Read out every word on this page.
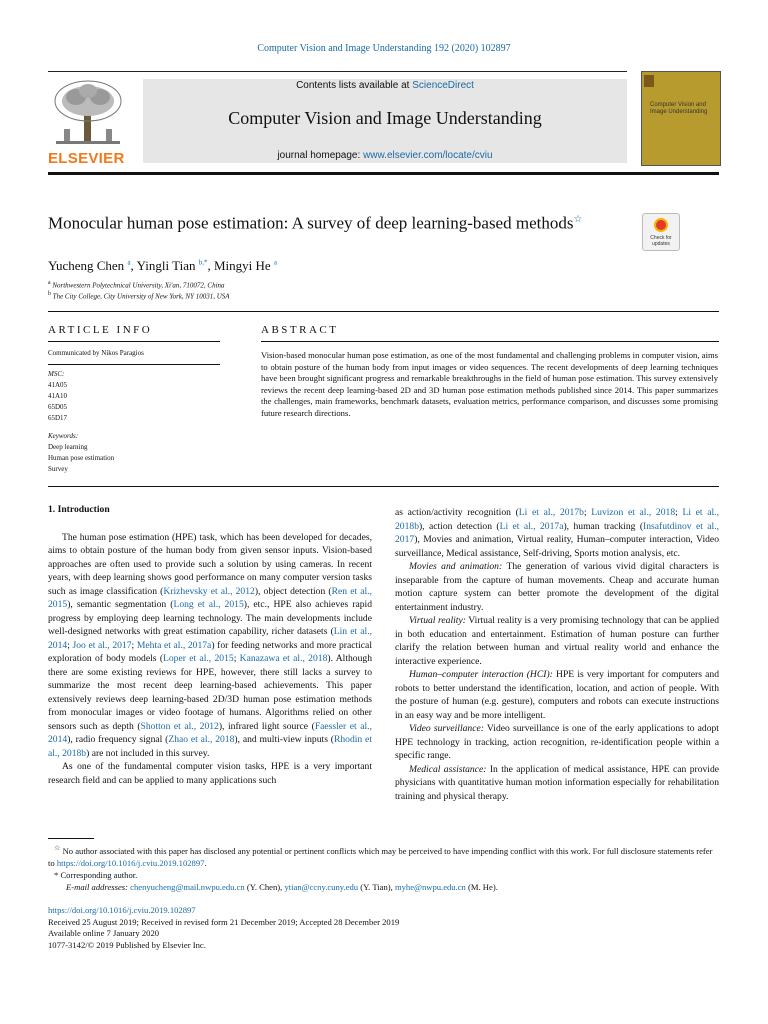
Computer Vision and Image Understanding 192 (2020) 102897
ELSEVIER
Contents lists available at ScienceDirect
Computer Vision and Image Understanding
journal homepage: www.elsevier.com/locate/cviu
Computer Vision and Image Understanding
Monocular human pose estimation: A survey of deep learning-based methods☆
Check for updates
Yucheng Chen $^a$, Yingli Tian $^{b,*}$, Mingyi He $^a$
$^a$ Northwestern Polytechnical University, Xi'an, 710072, China
$^b$ The City College, City University of New York, NY 10031, USA
ARTICLE INFO
Communicated by Nikos Paragios
MSC:
41A05
41A10
65D05
65D17
Keywords:
Deep learning
Human pose estimation
Survey
ABSTRACT
Vision-based monocular human pose estimation, as one of the most fundamental and challenging problems in computer vision, aims to obtain posture of the human body from input images or video sequences. The recent developments of deep learning techniques have been brought significant progress and remarkable breakthroughs in the field of human pose estimation. This survey extensively reviews the recent deep learning-based 2D and 3D human pose estimation methods published since 2014. This paper summarizes the challenges, main frameworks, benchmark datasets, evaluation metrics, performance comparison, and discusses some promising future research directions.

1. Introduction

The human pose estimation (HPE) task, which has been developed for decades, aims to obtain posture of the human body from given sensor inputs. Vision-based approaches are often used to provide such a solution by using cameras. In recent years, with deep learning shows good performance on many computer version tasks such as image classification (Krizhevsky et al., 2012), object detection (Ren et al., 2015), semantic segmentation (Long et al., 2015), etc., HPE also achieves rapid progress by employing deep learning technology. The main developments include well-designed networks with great estimation capability, richer datasets (Lin et al., 2014; Joo et al., 2017; Mehta et al., 2017a) for feeding networks and more practical exploration of body models (Loper et al., 2015; Kanazawa et al., 2018). Although there are some existing reviews for HPE, however, there still lacks a survey to summarize the most recent deep learning-based achievements. This paper extensively reviews deep learning-based 2D/3D human pose estimation methods from monocular images or video footage of humans. Algorithms relied on other sensors such as depth (Shotton et al., 2012), infrared light source (Faessler et al., 2014), radio frequency signal (Zhao et al., 2018), and multi-view inputs (Rhodin et al., 2018b) are not included in this survey.

As one of the fundamental computer vision tasks, HPE is a very important research field and can be applied to many applications such

as action/activity recognition (Li et al., 2017b; Luvizon et al., 2018; Li et al., 2018b), action detection (Li et al., 2017a), human tracking (Insafutdinov et al., 2017), Movies and animation, Virtual reality, Human–computer interaction, Video surveillance, Medical assistance, Self-driving, Sports motion analysis, etc.

Movies and animation: The generation of various vivid digital characters is inseparable from the capture of human movements. Cheap and accurate human motion capture system can better promote the development of the digital entertainment industry.

Virtual reality: Virtual reality is a very promising technology that can be applied in both education and entertainment. Estimation of human posture can further clarify the relation between human and virtual reality world and enhance the interactive experience.

Human–computer interaction (HCI): HPE is very important for computers and robots to better understand the identification, location, and action of people. With the posture of human (e.g. gesture), computers and robots can execute instructions in an easy way and be more intelligent.

Video surveillance: Video surveillance is one of the early applications to adopt HPE technology in tracking, action recognition, re-identification people within a specific range.

Medical assistance: In the application of medical assistance, HPE can provide physicians with quantitative human motion information especially for rehabilitation training and physical therapy.

☆ No author associated with this paper has disclosed any potential or pertinent conflicts which may be perceived to have impending conflict with this work. For full disclosure statements refer to https://doi.org/10.1016/j.cviu.2019.102897.
* Corresponding author.
E-mail addresses: chenyucheng@mail.nwpu.edu.cn (Y. Chen), ytian@ccny.cuny.edu (Y. Tian), myhe@nwpu.edu.cn (M. He).
https://doi.org/10.1016/j.cviu.2019.102897
Received 25 August 2019; Received in revised form 21 December 2019; Accepted 28 December 2019
Available online 7 January 2020
1077-3142/© 2019 Published by Elsevier Inc.
